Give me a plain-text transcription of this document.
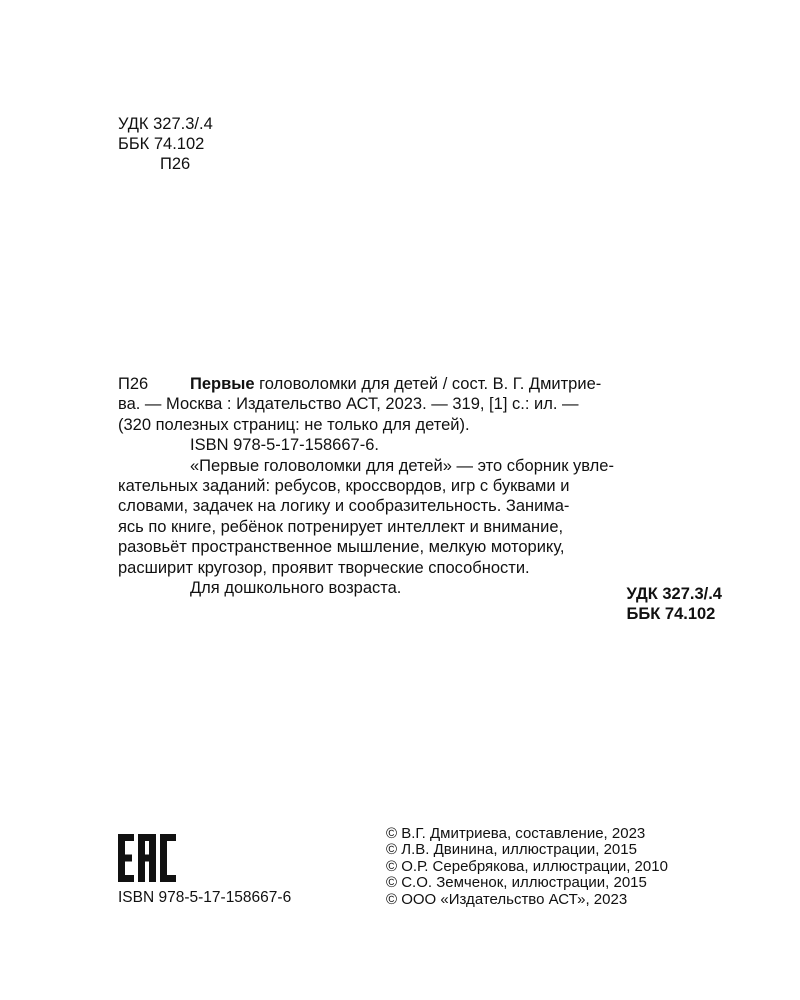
УДК 327.3/.4
ББК 74.102
П26
П26	Первые головоломки для детей / сост. В. Г. Дмитрие-
ва. — Москва : Издательство АСТ, 2023. — 319, [1] с.: ил. —
(320 полезных страниц: не только для детей).
ISBN 978-5-17-158667-6.
«Первые головоломки для детей» — это сборник увле-
кательных заданий: ребусов, кроссвордов, игр с буквами и
словами, задачек на логику и сообразительность. Занима-
ясь по книге, ребёнок потренирует интеллект и внимание,
разовьёт пространственное мышление, мелкую моторику,
расширит кругозор, проявит творческие способности.
Для дошкольного возраста.	УДК 327.3/.4
ББК 74.102
ISBN 978-5-17-158667-6
© В.Г. Дмитриева, составление, 2023
© Л.В. Двинина, иллюстрации, 2015
© О.Р. Серебрякова, иллюстрации, 2010
© С.О. Земченок, иллюстрации, 2015
© ООО «Издательство АСТ», 2023
